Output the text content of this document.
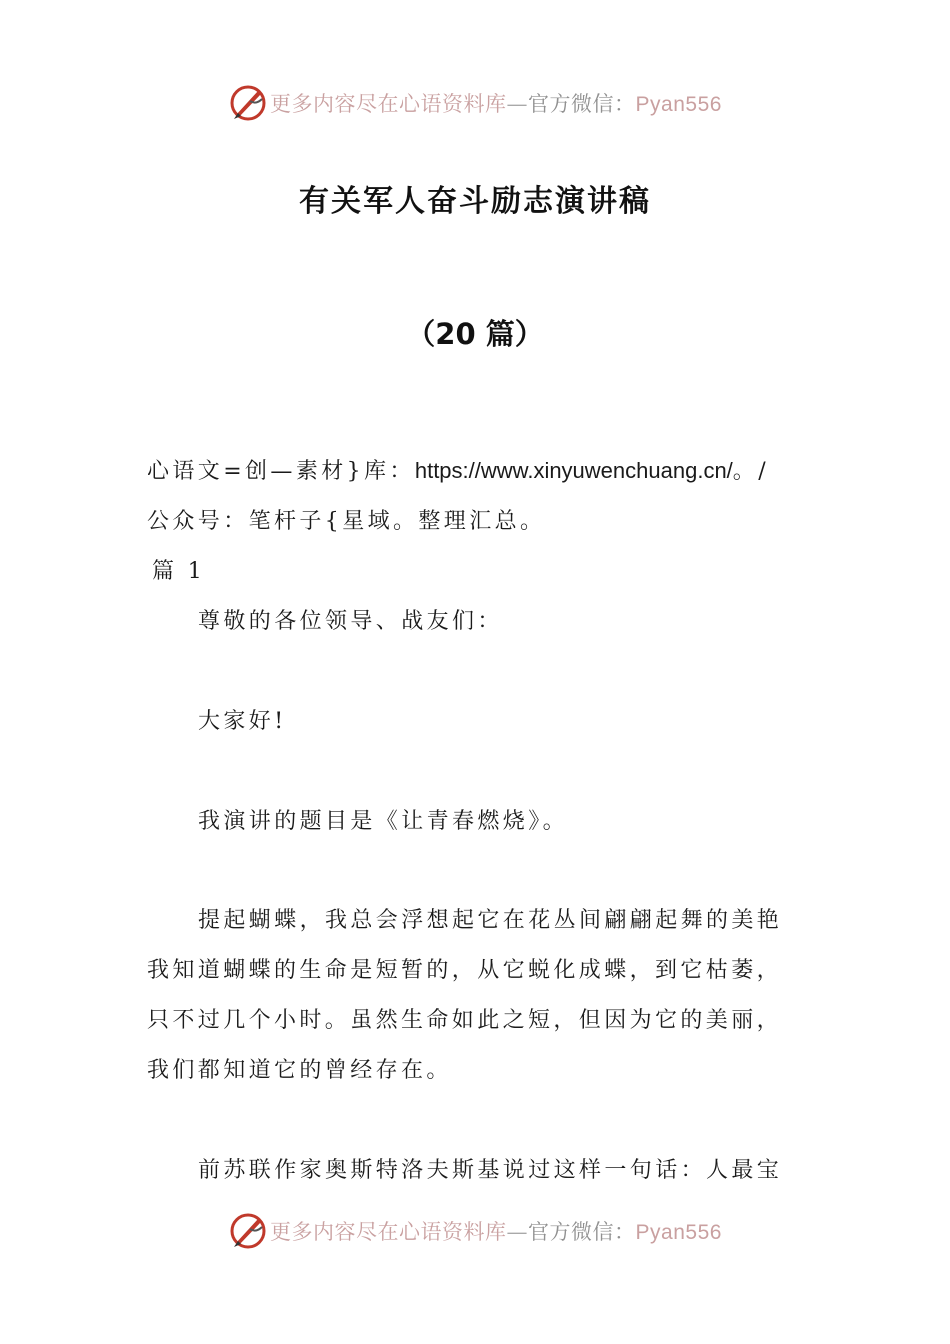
更多内容尽在心语资料库—官方微信：Pyan556
有关军人奋斗励志演讲稿
（20 篇）
心语文=创—素材}库：https://www.xinyuwenchuang.cn/。/
公众号：笔杆子{星域。整理汇总。
篇 1
尊敬的各位领导、战友们：
大家好!
我演讲的题目是《让青春燃烧》。
提起蝴蝶，我总会浮想起它在花丛间翩翩起舞的美艳
我知道蝴蝶的生命是短暂的，从它蜕化成蝶，到它枯萎，
只不过几个小时。虽然生命如此之短，但因为它的美丽，
我们都知道它的曾经存在。
前苏联作家奥斯特洛夫斯基说过这样一句话：人最宝
更多内容尽在心语资料库—官方微信：Pyan556
